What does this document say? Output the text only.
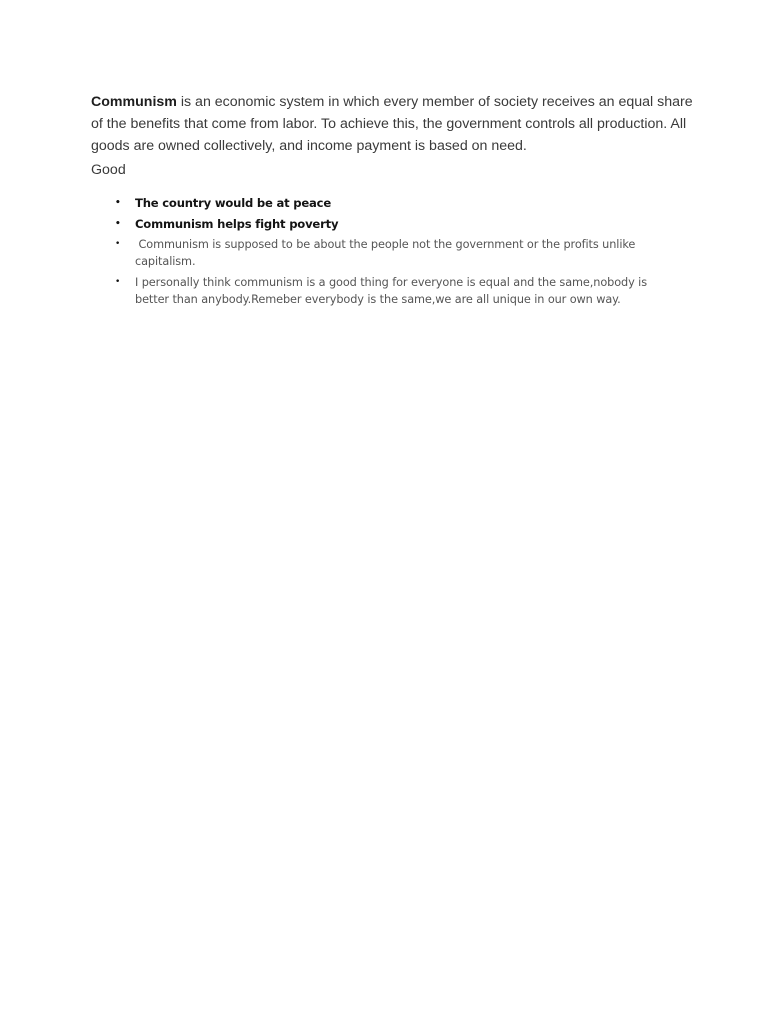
Communism is an economic system in which every member of society receives an equal share of the benefits that come from labor. To achieve this, the government controls all production. All goods are owned collectively, and income payment is based on need.

Good

• The country would be at peace
• Communism helps fight poverty
• Communism is supposed to be about the people not the government or the profits unlike capitalism.
• I personally think communism is a good thing for everyone is equal and the same,nobody is better than anybody.Remeber everybody is the same,we are all unique in our own way.
